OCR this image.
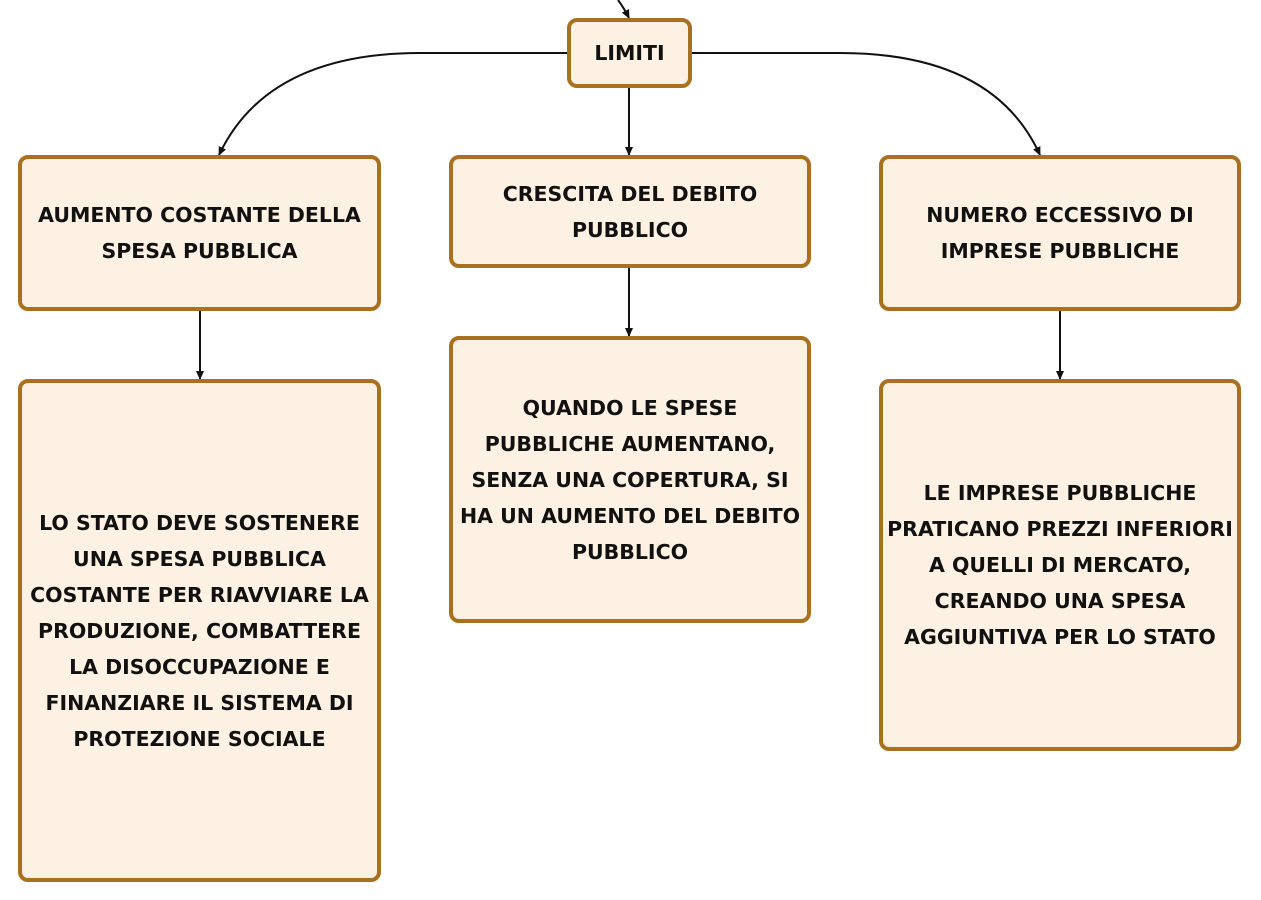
LIMITI
AUMENTO COSTANTE DELLA SPESA PUBBLICA
CRESCITA DEL DEBITO PUBBLICO
NUMERO ECCESSIVO DI IMPRESE PUBBLICHE
LO STATO DEVE SOSTENERE UNA SPESA PUBBLICA COSTANTE PER RIAVVIARE LA PRODUZIONE, COMBATTERE LA DISOCCUPAZIONE E FINANZIARE IL SISTEMA DI PROTEZIONE SOCIALE
QUANDO LE SPESE PUBBLICHE AUMENTANO, SENZA UNA COPERTURA, SI HA UN AUMENTO DEL DEBITO PUBBLICO
LE IMPRESE PUBBLICHE PRATICANO PREZZI INFERIORI A QUELLI DI MERCATO, CREANDO UNA SPESA AGGIUNTIVA PER LO STATO
